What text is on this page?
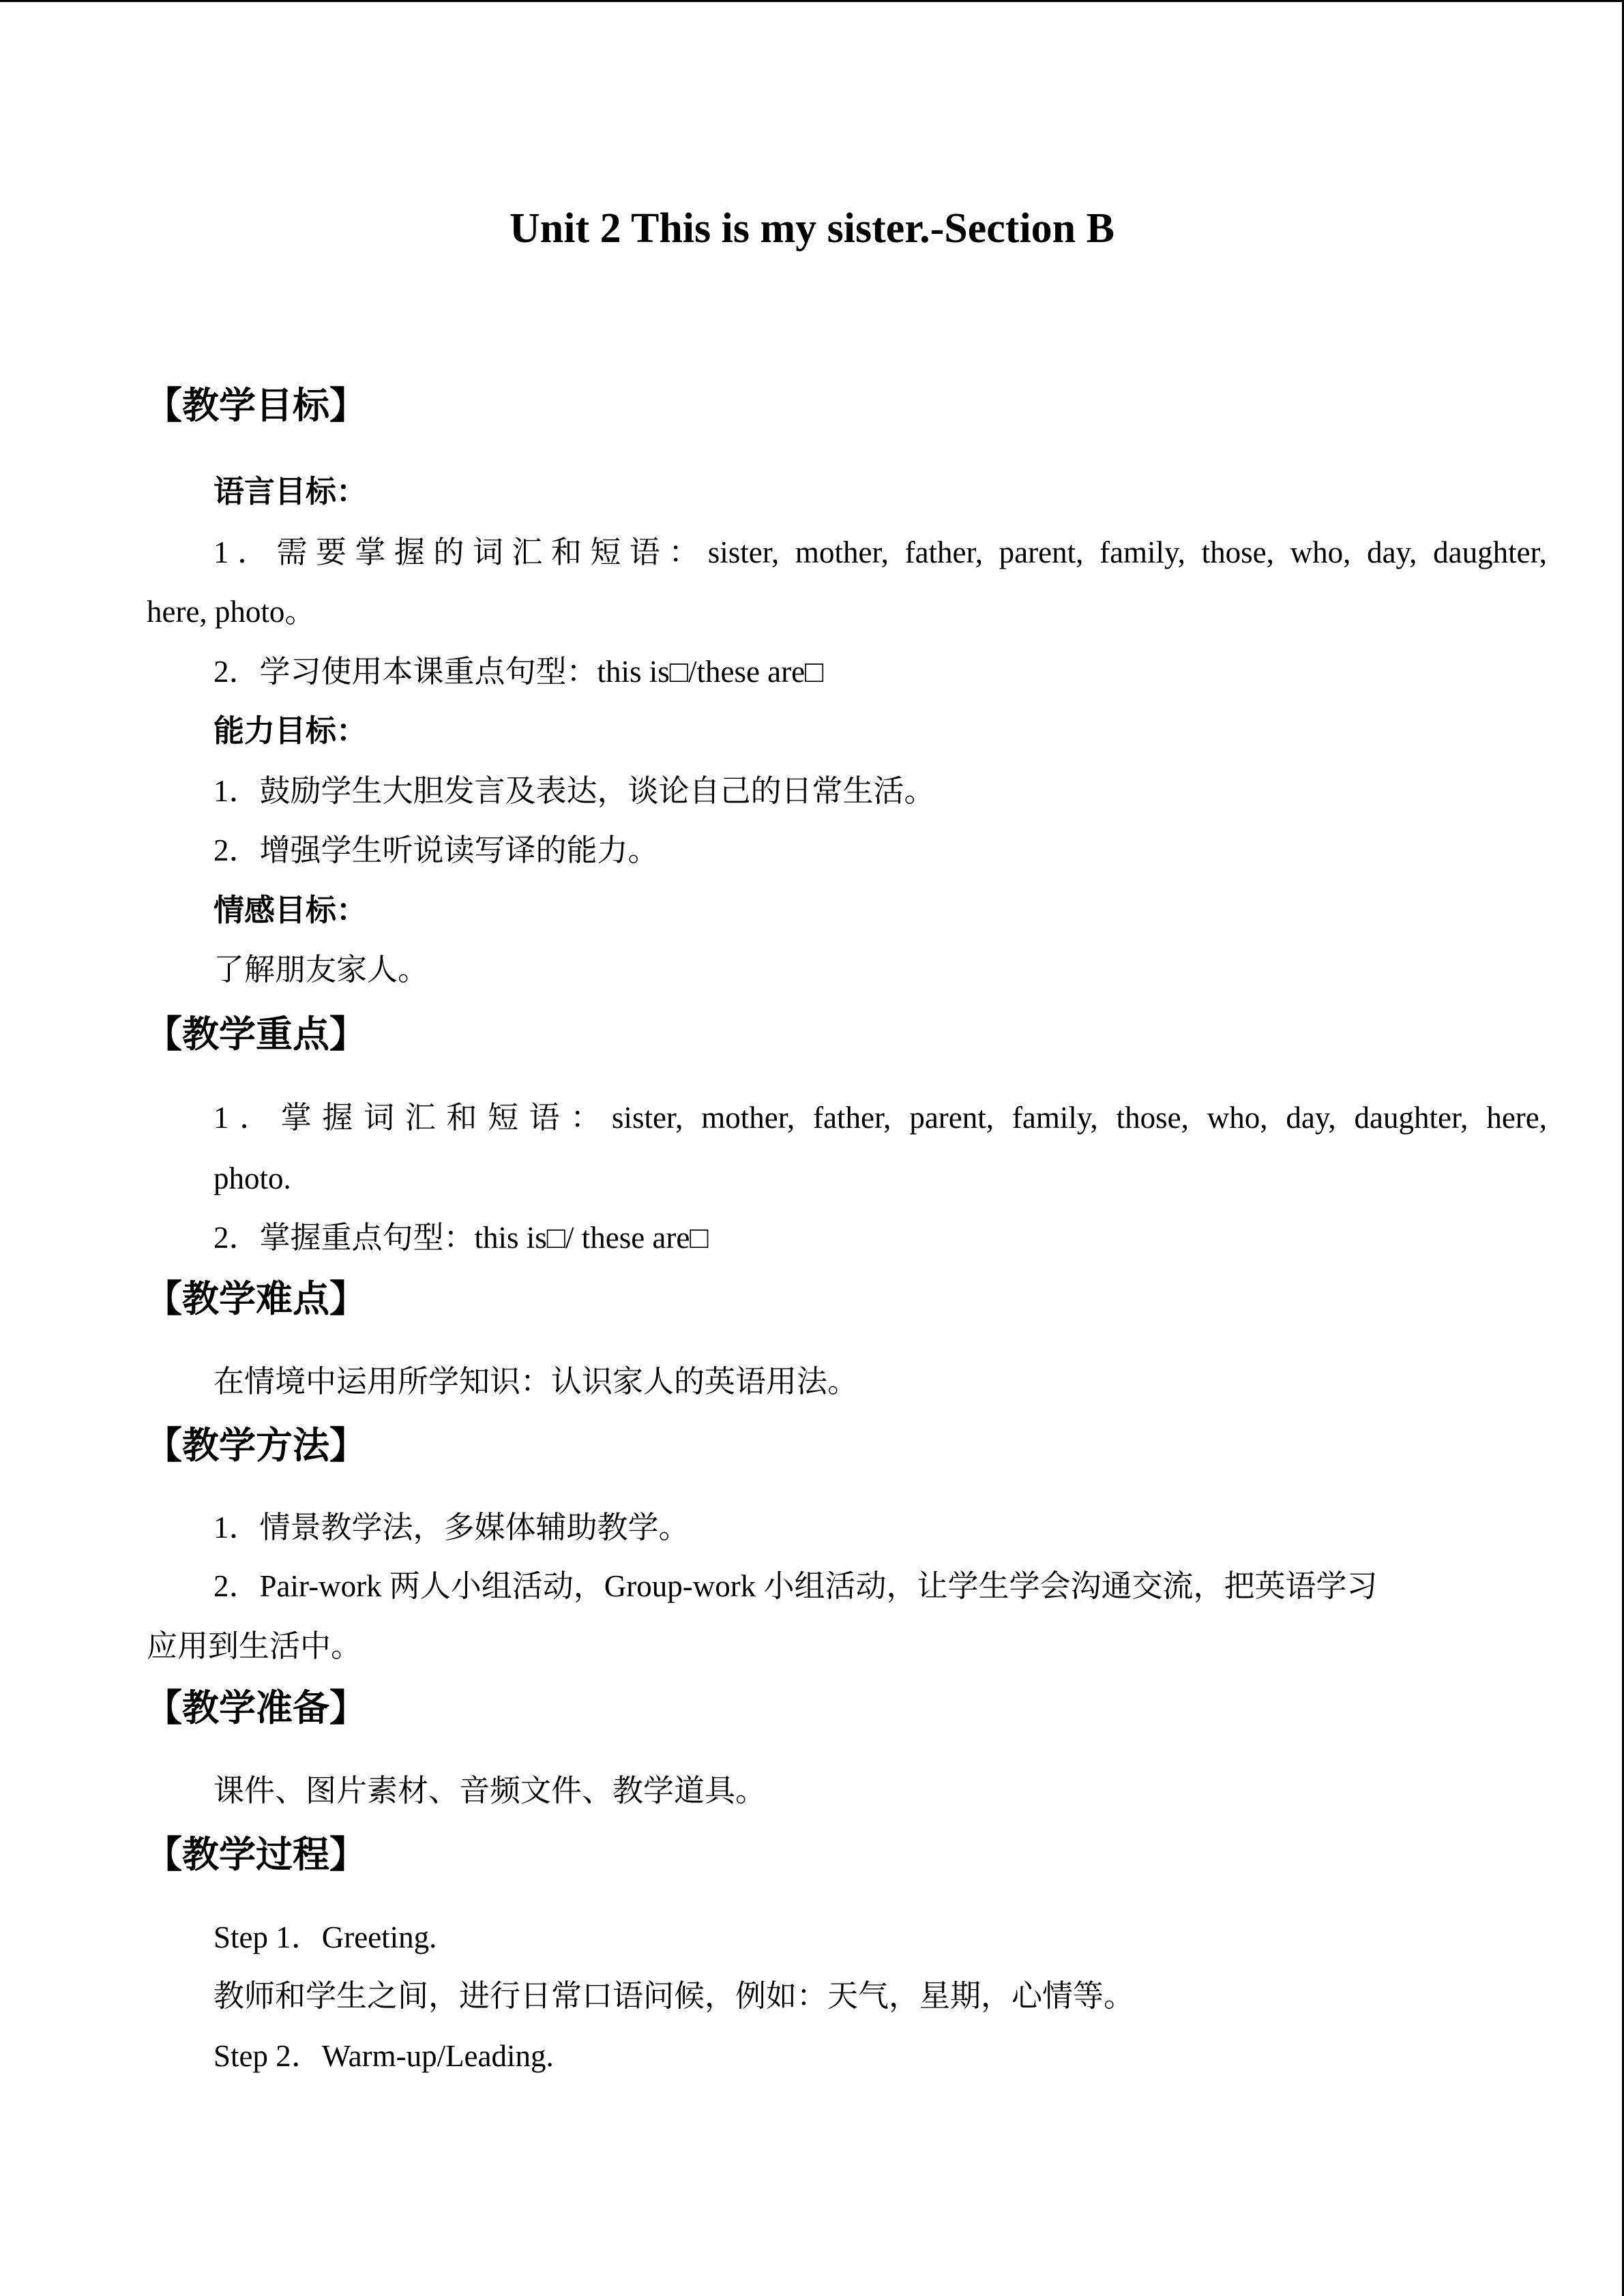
Unit 2 This is my sister.-Section B
【教学目标】
语言目标：
1．需要掌握的词汇和短语：sister, mother, father, parent, family, those, who, day, daughter,
here, photo。
2．学习使用本课重点句型：this is□/these are□
能力目标：
1．鼓励学生大胆发言及表达，谈论自己的日常生活。
2．增强学生听说读写译的能力。
情感目标：
了解朋友家人。
【教学重点】
1．掌握词汇和短语：sister, mother, father, parent, family, those, who, day, daughter, here,
photo.
2．掌握重点句型：this is□/ these are□
【教学难点】
在情境中运用所学知识：认识家人的英语用法。
【教学方法】
1．情景教学法，多媒体辅助教学。
2．Pair-work 两人小组活动，Group-work 小组活动，让学生学会沟通交流，把英语学习
应用到生活中。
【教学准备】
课件、图片素材、音频文件、教学道具。
【教学过程】
Step 1．Greeting.
教师和学生之间，进行日常口语问候，例如：天气，星期，心情等。
Step 2．Warm-up/Leading.
